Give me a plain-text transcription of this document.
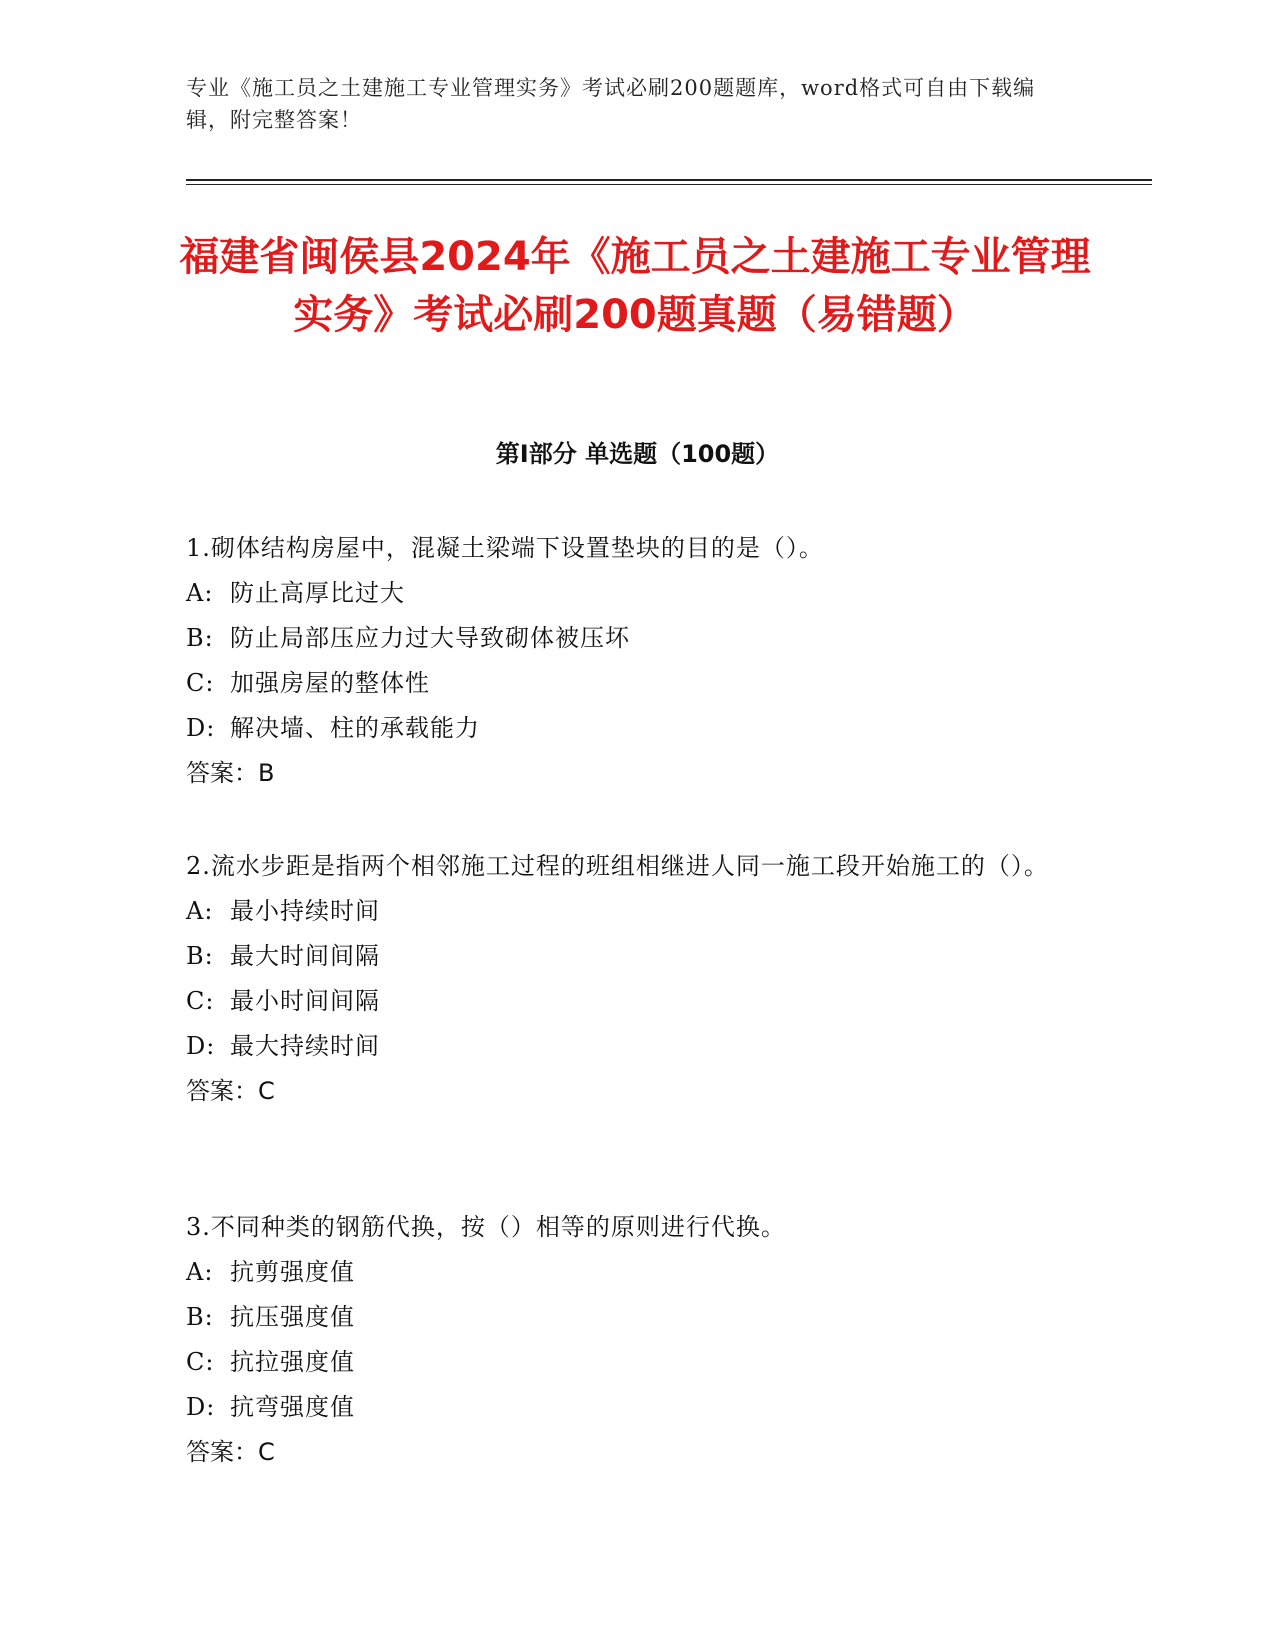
专业《施工员之土建施工专业管理实务》考试必刷200题题库，word格式可自由下载编辑，附完整答案！
福建省闽侯县2024年《施工员之土建施工专业管理实务》考试必刷200题真题（易错题）
第I部分 单选题（100题）
1.砌体结构房屋中，混凝土梁端下设置垫块的目的是（）。
A: 防止高厚比过大
B: 防止局部压应力过大导致砌体被压坏
C: 加强房屋的整体性
D: 解决墙、柱的承载能力
答案：B
2.流水步距是指两个相邻施工过程的班组相继进人同一施工段开始施工的（）。
A: 最小持续时间
B: 最大时间间隔
C: 最小时间间隔
D: 最大持续时间
答案：C
3.不同种类的钢筋代换，按（）相等的原则进行代换。
A: 抗剪强度值
B: 抗压强度值
C: 抗拉强度值
D: 抗弯强度值
答案：C
